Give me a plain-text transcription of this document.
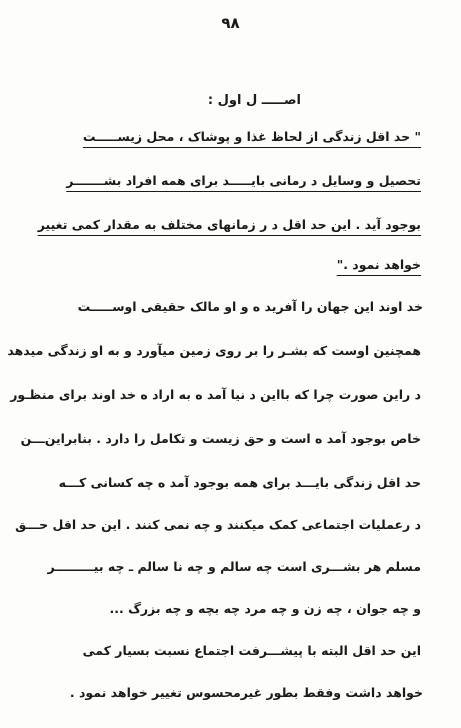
۹۸
اصـــــ ل اول :
" حد اقل زندگی از لحاظ غذا و پوشاک ، محل زیســـــت
تحصیل و وسایل د رمانی بایـــــد برای همه افراد بشـــــــر
بوجود آید . این حد اقل د ر زمانهای مختلف به مقدار کمی تغییر
خواهد نمود ."
خد اوند این جهان را آفرید ه و او مالک حقیقی اوســـــت
همچنین اوست که بشـر را بر روی زمین میآورد و به او زندگی میدهد
د راین صورت چرا که بااین د نیا آمد ه به اراد ه خد اوند برای منظـور
خاص بوجود آمد ه است و حق زیست و تکامل را دارد . بنابراین‌ـــن
حد اقل زندگی بایـــد برای همه بوجود آمد ه چه کسانی کـــه
د رعملیات اجتماعی کمک میکنند و چه نمی کنند . این حد اقل حـــق
مسلم هر بشـــری است چه سالم و چه نا سالم ـ چه بیـــــــــر
و چه جوان ، چه زن و چه مرد چه بچه و چه بزرگ ...
این حد اقل البته با پیشـــرفت اجتماع نسبت بسیار کمی
خواهد داشت وفقط بطور غیرمحسوس تغییر خواهد نمود .
